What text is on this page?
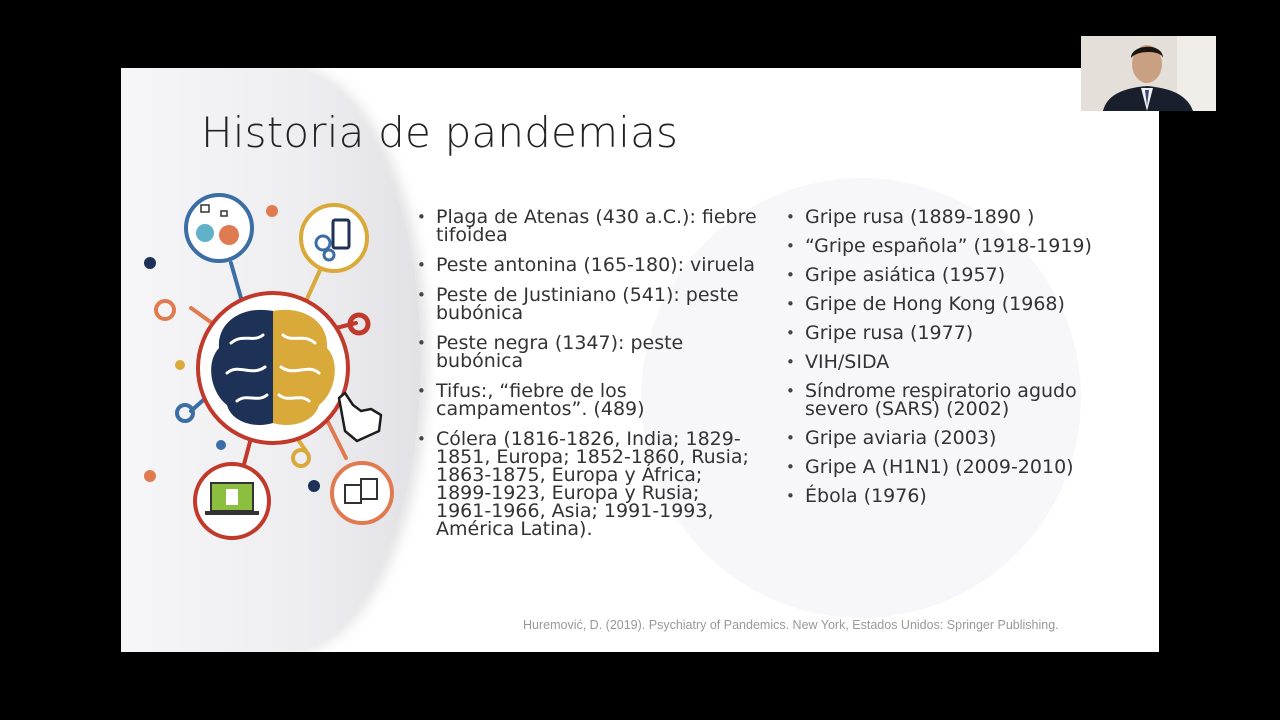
Historia de pandemias
• Plaga de Atenas (430 a.C.): fiebre tifoidea
• Peste antonina (165-180): viruela
• Peste de Justiniano (541): peste bubónica
• Peste negra (1347): peste bubónica
• Tifus:, “fiebre de los campamentos”. (489)
• Cólera (1816-1826, India; 1829-1851, Europa; 1852-1860, Rusia; 1863-1875, Europa y África; 1899-1923, Europa y Rusia; 1961-1966, Asia; 1991-1993, América Latina).
• Gripe rusa (1889-1890 )
• “Gripe española” (1918-1919)
• Gripe asiática (1957)
• Gripe de Hong Kong (1968)
• Gripe rusa (1977)
• VIH/SIDA
• Síndrome respiratorio agudo severo (SARS) (2002)
• Gripe aviaria (2003)
• Gripe A (H1N1) (2009-2010)
• Ébola (1976)
Huremović, D. (2019). Psychiatry of Pandemics. New York, Estados Unidos: Springer Publishing.
